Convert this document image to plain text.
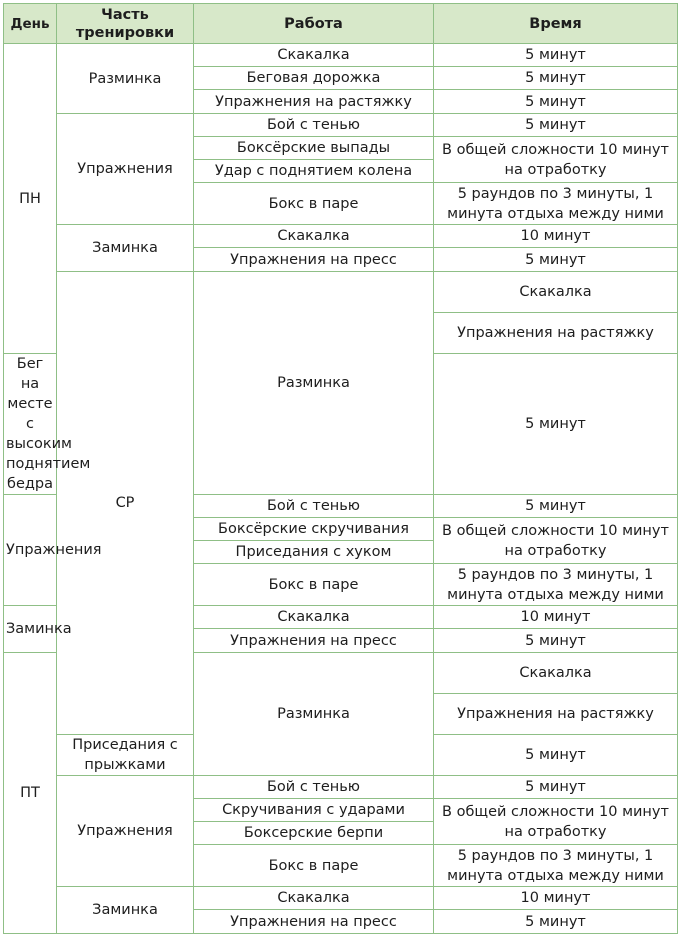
День	Часть тренировки	Работа	Время	
ПН	Разминка	Скакалка	5 минут	
		Беговая дорожка	5 минут	
		Упражнения на растяжку	5 минут	
	Упражнения	Бой с тенью	5 минут	
		Боксёрские выпады	В общей сложности 10 минут на отработку	
		Удар с поднятием колена		
		Бокс в паре	5 раундов по 3 минуты, 1 минута отдыха между ними	
	Заминка	Скакалка	10 минут	
		Упражнения на пресс	5 минут	
	СР	Разминка	Скакалка	
			Упражнения на растяжку	
Бег на месте с высоким поднятием бедра			5 минут	
Упражнения		Бой с тенью	5 минут	
		Боксёрские скручивания	В общей сложности 10 минут на отработку	
		Приседания с хуком		
		Бокс в паре	5 раундов по 3 минуты, 1 минута отдыха между ними	
Заминка		Скакалка	10 минут	
		Упражнения на пресс	5 минут	
ПТ		Разминка	Скакалка	
			Упражнения на растяжку	
	Приседания с прыжками		5 минут	
	Упражнения	Бой с тенью	5 минут	
		Скручивания с ударами	В общей сложности 10 минут на отработку	
		Боксерские берпи		
		Бокс в паре	5 раундов по 3 минуты, 1 минута отдыха между ними	
	Заминка	Скакалка	10 минут	
		Упражнения на пресс	5 минут	
